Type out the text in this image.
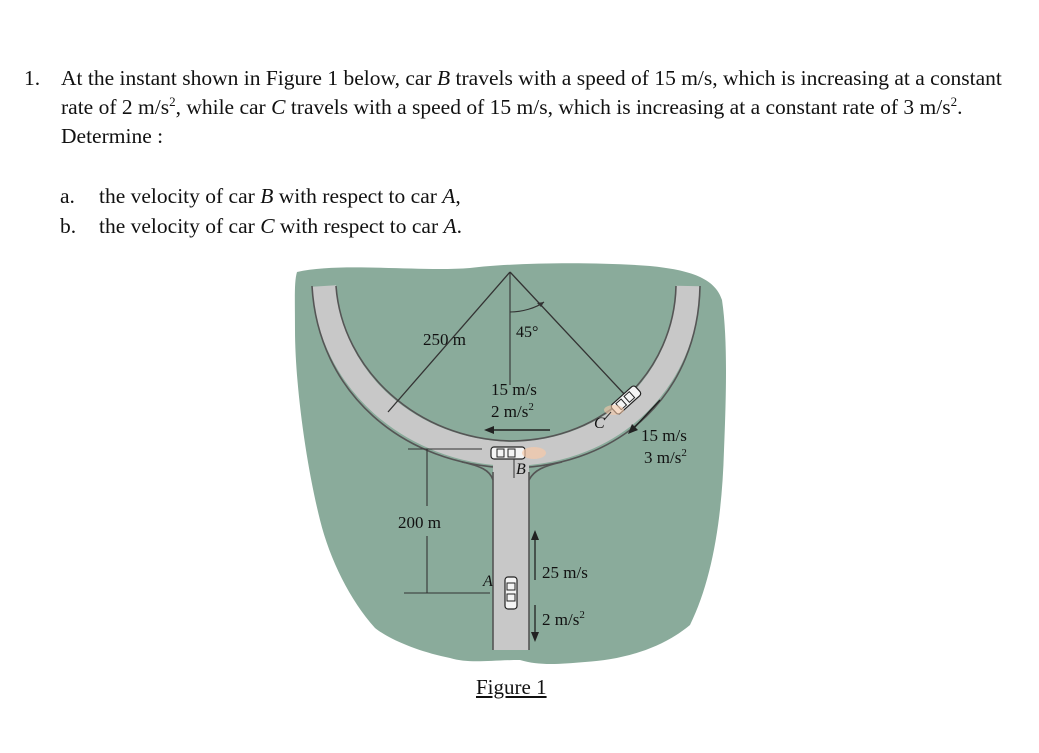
1. At the instant shown in Figure 1 below, car B travels with a speed of 15 m/s, which is increasing at a constant rate of 2 $m/s^2$, while car C travels with a speed of 15 m/s, which is increasing at a constant rate of 3 $m/s^2$. Determine :
a.	the velocity of car B with respect to car A,
b.	the velocity of car C with respect to car A.
250 m	45°
15 m/s
2 $m/s^2$
B
C
15 m/s
3 $m/s^2$
200 m
A	25 m/s
2 $m/s^2$
Figure 1
